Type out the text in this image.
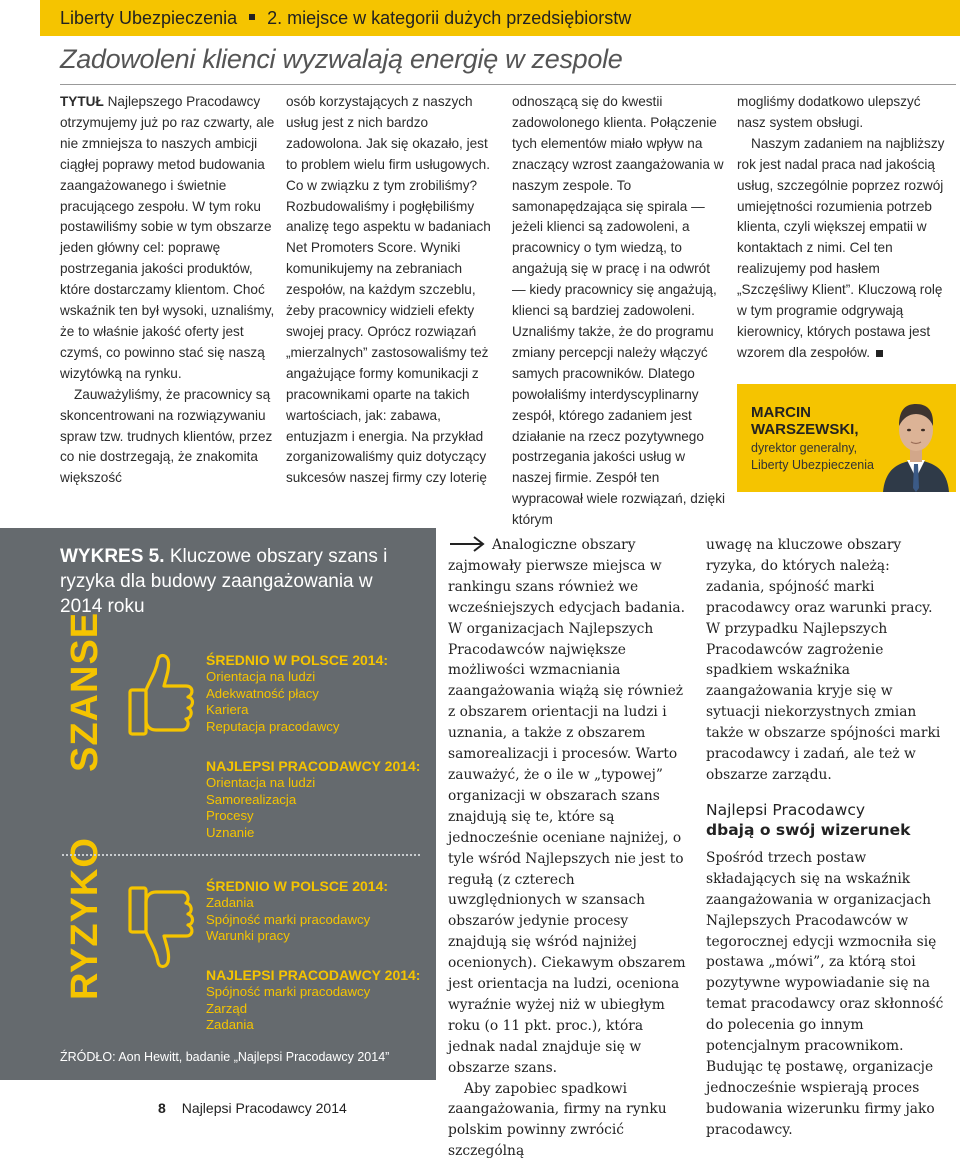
Liberty Ubezpieczenia 2. miejsce w kategorii dużych przedsiębiorstw
Zadowoleni klienci wyzwalają energię w zespole

TYTUŁ Najlepszego Pracodawcy otrzymujemy już po raz czwarty, ale nie zmniejsza to naszych ambicji ciągłej poprawy metod budowania zaangażowanego i świetnie pracującego zespołu. W tym roku postawiliśmy sobie w tym obszarze jeden główny cel: poprawę postrzegania jakości produktów, które dostarczamy klientom. Choć wskaźnik ten był wysoki, uznaliśmy, że to właśnie jakość oferty jest czymś, co powinno stać się naszą wizytówką na rynku.

Zauważyliśmy, że pracownicy są skoncentrowani na rozwiązywaniu spraw tzw. trudnych klientów, przez co nie dostrzegają, że znakomita większość

osób korzystających z naszych usług jest z nich bardzo zadowolona. Jak się okazało, jest to problem wielu firm usługowych. Co w związku z tym zrobiliśmy? Rozbudowaliśmy i pogłębiliśmy analizę tego aspektu w badaniach Net Promoters Score. Wyniki komunikujemy na zebraniach zespołów, na każdym szczeblu, żeby pracownicy widzieli efekty swojej pracy. Oprócz rozwiązań „mierzalnych” zastosowaliśmy też angażujące formy komunikacji z pracownikami oparte na takich wartościach, jak: zabawa, entuzjazm i energia. Na przykład zorganizowaliśmy quiz dotyczący sukcesów naszej firmy czy loterię

odnoszącą się do kwestii zadowolonego klienta. Połączenie tych elementów miało wpływ na znaczący wzrost zaangażowania w naszym zespole. To samonapędzająca się spirala — jeżeli klienci są zadowoleni, a pracownicy o tym wiedzą, to angażują się w pracę i na odwrót — kiedy pracownicy się angażują, klienci są bardziej zadowoleni. Uznaliśmy także, że do programu zmiany percepcji należy włączyć samych pracowników. Dlatego powołaliśmy interdyscyplinarny zespół, którego zadaniem jest działanie na rzecz pozytywnego postrzegania jakości usług w naszej firmie. Zespół ten wypracował wiele rozwiązań, dzięki którym

mogliśmy dodatkowo ulepszyć nasz system obsługi.

Naszym zadaniem na najbliższy rok jest nadal praca nad jakością usług, szczególnie poprzez rozwój umiejętności rozumienia potrzeb klienta, czyli większej empatii w kontaktach z nimi. Cel ten realizujemy pod hasłem „Szczęśliwy Klient”. Kluczową rolę w tym programie odgrywają kierownicy, których postawa jest wzorem dla zespołów.

MARCIN WARSZEWSKI,
dyrektor generalny, Liberty Ubezpieczenia
WYKRES 5. Kluczowe obszary szans i ryzyka dla budowy zaangażowania w 2014 roku
SZANSE
RYZYKO
ŚREDNIO W POLSCE 2014:
Orientacja na ludzi
Adekwatność płacy
Kariera
Reputacja pracodawcy
NAJLEPSI PRACODAWCY 2014:
Orientacja na ludzi
Samorealizacja
Procesy
Uznanie
ŚREDNIO W POLSCE 2014:
Zadania
Spójność marki pracodawcy
Warunki pracy
NAJLEPSI PRACODAWCY 2014:
Spójność marki pracodawcy
Zarząd
Zadania
ŹRÓDŁO: Aon Hewitt, badanie „Najlepsi Pracodawcy 2014”

Analogiczne obszary zajmowały pierwsze miejsca w rankingu szans również we wcześniejszych edycjach badania. W organizacjach Najlepszych Pracodawców największe możliwości wzmacniania zaangażowania wiążą się również z obszarem orientacji na ludzi i uznania, a także z obszarem samorealizacji i procesów. Warto zauważyć, że o ile w „typowej” organizacji w obszarach szans znajdują się te, które są jednocześnie oceniane najniżej, o tyle wśród Najlepszych nie jest to regułą (z czterech uwzględnionych w szansach obszarów jedynie procesy znajdują się wśród najniżej ocenionych). Ciekawym obszarem jest orientacja na ludzi, oceniona wyraźnie wyżej niż w ubiegłym roku (o 11 pkt. proc.), która jednak nadal znajduje się w obszarze szans.

Aby zapobiec spadkowi zaangażowania, firmy na rynku polskim powinny zwrócić szczególną

uwagę na kluczowe obszary ryzyka, do których należą: zadania, spójność marki pracodawcy oraz warunki pracy. W przypadku Najlepszych Pracodawców zagrożenie spadkiem wskaźnika zaangażowania kryje się w sytuacji niekorzystnych zmian także w obszarze spójności marki pracodawcy i zadań, ale też w obszarze zarządu.

Najlepsi Pracodawcy
dbają o swój wizerunek

Spośród trzech postaw składających się na wskaźnik zaangażowania w organizacjach Najlepszych Pracodawców w tegorocznej edycji wzmocniła się postawa „mówi”, za którą stoi pozytywne wypowiadanie się na temat pracodawcy oraz skłonność do polecenia go innym potencjalnym pracownikom. Budując tę postawę, organizacje jednocześnie wspierają proces budowania wizerunku firmy jako pracodawcy.

8 Najlepsi Pracodawcy 2014
